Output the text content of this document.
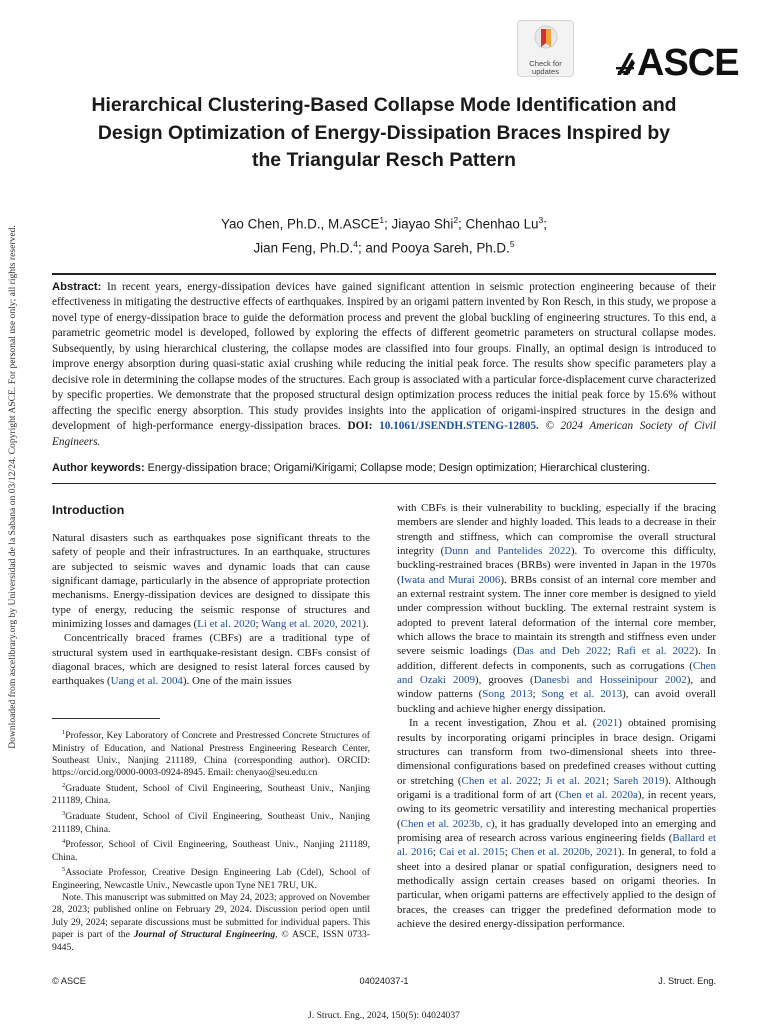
Downloaded from ascelibrary.org by Universidad de la Sabana on 03/12/24. Copyright ASCE. For personal use only; all rights reserved.
Check for
updates	ASCE
Hierarchical Clustering-Based Collapse Mode Identification and Design Optimization of Energy-Dissipation Braces Inspired by the Triangular Resch Pattern
Yao Chen, Ph.D., M.ASCE$^1$; Jiayao Shi$^2$; Chenhao Lu$^3$;
Jian Feng, Ph.D.$^4$; and Pooya Sareh, Ph.D.$^5$
Abstract: In recent years, energy-dissipation devices have gained significant attention in seismic protection engineering because of their effectiveness in mitigating the destructive effects of earthquakes. Inspired by an origami pattern invented by Ron Resch, in this study, we propose a novel type of energy-dissipation brace to guide the deformation process and prevent the global buckling of engineering structures. To this end, a parametric geometric model is developed, followed by exploring the effects of different geometric parameters on structural collapse modes. Subsequently, by using hierarchical clustering, the collapse modes are classified into four groups. Finally, an optimal design is introduced to improve energy absorption during quasi-static axial crushing while reducing the initial peak force. The results show specific parameters play a decisive role in determining the collapse modes of the structures. Each group is associated with a particular force-displacement curve characterized by specific properties. We demonstrate that the proposed structural design optimization process reduces the initial peak force by 15.6% without affecting the specific energy absorption. This study provides insights into the application of origami-inspired structures in the design and development of high-performance energy-dissipation braces. DOI: 10.1061/JSENDH.STENG-12805. © 2024 American Society of Civil Engineers.
Author keywords: Energy-dissipation brace; Origami/Kirigami; Collapse mode; Design optimization; Hierarchical clustering.
Introduction

Natural disasters such as earthquakes pose significant threats to the safety of people and their infrastructures. In an earthquake, structures are subjected to seismic waves and dynamic loads that can cause significant damage, particularly in the absence of appropriate protection mechanisms. Energy-dissipation devices are designed to dissipate this type of energy, reducing the seismic response of structures and minimizing losses and damages (Li et al. 2020; Wang et al. 2020, 2021).

Concentrically braced frames (CBFs) are a traditional type of structural system used in earthquake-resistant design. CBFs consist of diagonal braces, which are designed to resist lateral forces caused by earthquakes (Uang et al. 2004). One of the main issues

with CBFs is their vulnerability to buckling, especially if the bracing members are slender and highly loaded. This leads to a decrease in their strength and stiffness, which can compromise the overall structural integrity (Dunn and Pantelides 2022). To overcome this difficulty, buckling-restrained braces (BRBs) were invented in Japan in the 1970s (Iwata and Murai 2006). BRBs consist of an internal core member and an external restraint system. The inner core member is designed to yield under compression without buckling. The external restraint system is adopted to prevent lateral deformation of the internal core member, which allows the brace to maintain its strength and stiffness even under severe seismic loadings (Das and Deb 2022; Rafi et al. 2022). In addition, different defects in components, such as corrugations (Chen and Ozaki 2009), grooves (Danesbi and Hosseinipour 2002), and window patterns (Song 2013; Song et al. 2013), can avoid overall buckling and achieve higher energy dissipation.

In a recent investigation, Zhou et al. (2021) obtained promising results by incorporating origami principles in brace design. Origami structures can transform from two-dimensional sheets into three-dimensional configurations based on predefined creases without cutting or stretching (Chen et al. 2022; Ji et al. 2021; Sareh 2019). Although origami is a traditional form of art (Chen et al. 2020a), in recent years, owing to its geometric versatility and interesting mechanical properties (Chen et al. 2023b, c), it has gradually developed into an emerging and promising area of research across various engineering fields (Ballard et al. 2016; Cai et al. 2015; Chen et al. 2020b, 2021). In general, to fold a sheet into a desired planar or spatial configuration, designers need to methodically assign certain creases based on origami theories. In particular, when origami patterns are effectively applied to the design of braces, the creases can trigger the predefined deformation mode to achieve the desired energy-dissipation performance.

$^1$Professor, Key Laboratory of Concrete and Prestressed Concrete Structures of Ministry of Education, and National Prestress Engineering Research Center, Southeast Univ., Nanjing 211189, China (corresponding author). ORCID: https://orcid.org/0000-0003-0924-8945. Email: chenyao@seu.edu.cn

$^2$Graduate Student, School of Civil Engineering, Southeast Univ., Nanjing 211189, China.

$^3$Graduate Student, School of Civil Engineering, Southeast Univ., Nanjing 211189, China.

$^4$Professor, School of Civil Engineering, Southeast Univ., Nanjing 211189, China.

$^5$Associate Professor, Creative Design Engineering Lab (Cdel), School of Engineering, Newcastle Univ., Newcastle upon Tyne NE1 7RU, UK.

Note. This manuscript was submitted on May 24, 2023; approved on November 28, 2023; published online on February 29, 2024. Discussion period open until July 29, 2024; separate discussions must be submitted for individual papers. This paper is part of the Journal of Structural Engineering, © ASCE, ISSN 0733-9445.

© ASCE	04024037-1	J. Struct. Eng.
J. Struct. Eng., 2024, 150(5): 04024037
